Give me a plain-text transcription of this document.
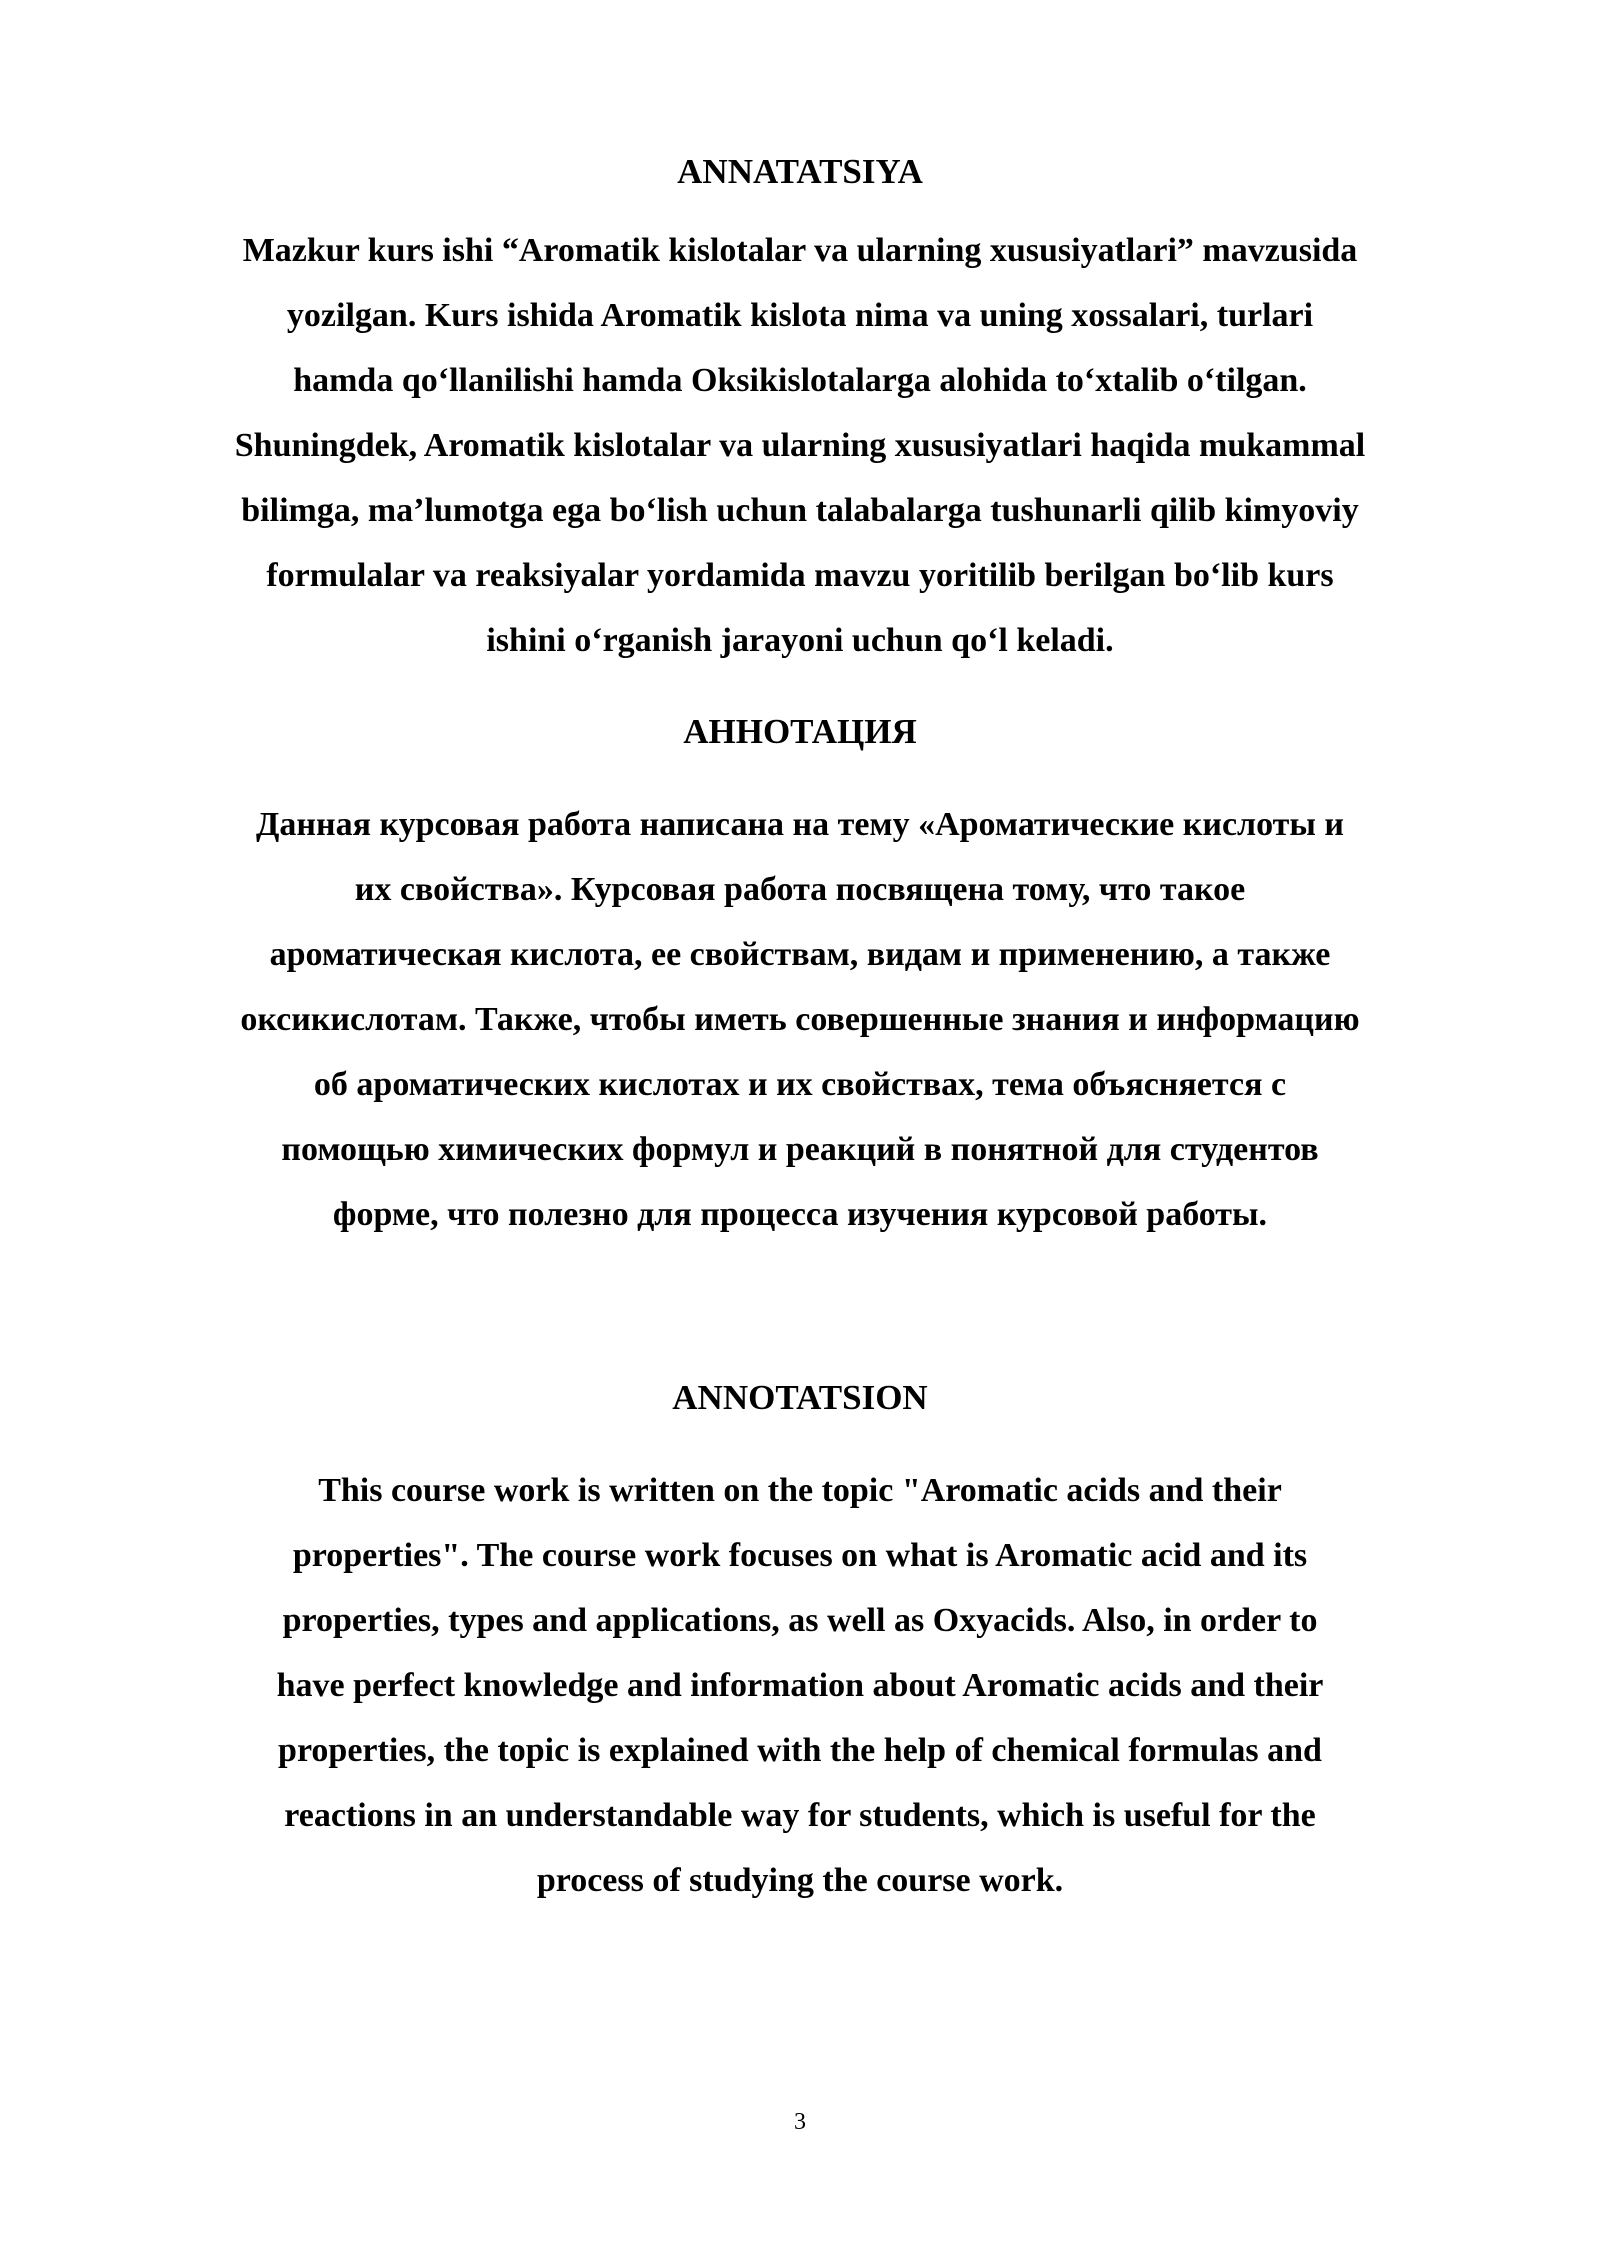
ANNATATSIYA
Mazkur kurs ishi “Aromatik kislotalar va ularning xususiyatlari” mavzusida
yozilgan. Kurs ishida Aromatik kislota nima va uning xossalari, turlari
hamda qo‘llanilishi hamda Oksikislotalarga alohida to‘xtalib o‘tilgan.
Shuningdek, Aromatik kislotalar va ularning xususiyatlari haqida mukammal
bilimga, ma’lumotga ega bo‘lish uchun talabalarga tushunarli qilib kimyoviy
formulalar va reaksiyalar yordamida mavzu yoritilib berilgan bo‘lib kurs
ishini o‘rganish jarayoni uchun qo‘l keladi.
АННОТАЦИЯ
Данная курсовая работа написана на тему «Ароматические кислоты и
их свойства». Курсовая работа посвящена тому, что такое
ароматическая кислота, ее свойствам, видам и применению, а также
оксикислотам. Также, чтобы иметь совершенные знания и информацию
об ароматических кислотах и их свойствах, тема объясняется с
помощью химических формул и реакций в понятной для студентов
форме, что полезно для процесса изучения курсовой работы.
ANNOTATSION
This course work is written on the topic "Aromatic acids and their
properties". The course work focuses on what is Aromatic acid and its
properties, types and applications, as well as Oxyacids. Also, in order to
have perfect knowledge and information about Aromatic acids and their
properties, the topic is explained with the help of chemical formulas and
reactions in an understandable way for students, which is useful for the
process of studying the course work.
3
